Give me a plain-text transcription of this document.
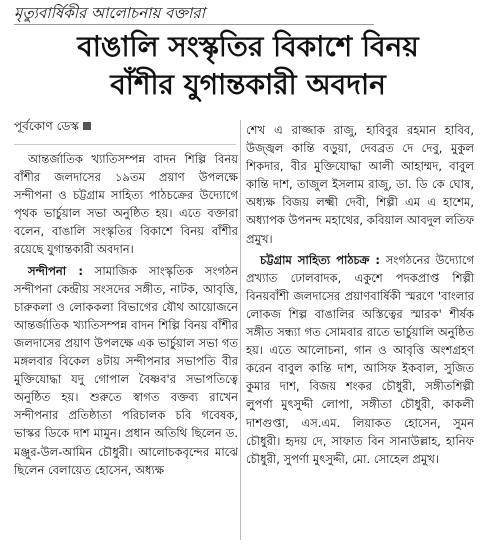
মৃত্যুবার্ষিকীর আলোচনায় বক্তারা
বাঙালি সংস্কৃতির বিকাশে বিনয়
বাঁশীর যুগান্তকারী অবদান
পূর্বকোণ ডেস্ক

আন্তর্জাতিক খ্যাতিসম্পন্ন বাদন শিল্পি বিনয় বাঁশীর জলদাসের ১৯তম প্রয়াণ উপলক্ষে সন্দীপনা ও চট্টগ্রাম সাহিত্য পাঠচক্রের উদ্যোগে পৃথক ভার্চুয়াল সভা অনুষ্ঠিত হয়। এতে বক্তারা বলেন, বাঙালি সংস্কৃতির বিকাশে বিনয় বাঁশীর রয়েছে যুগান্তকারী অবদান।

সন্দীপনা : সামাজিক সাংস্কৃতিক সংগঠন সন্দীপনা কেন্দ্রীয় সংসদের সঙ্গীত, নাটক, আবৃত্তি, চারুকলা ও লোককলা বিভাগের যৌথ আয়োজনে আন্তর্জাতিক খ্যাতিসম্পন্ন বাদন শিল্পি বিনয় বাঁশীর জলদাসের প্রয়াণ উপলক্ষে এক ভার্চুয়াল সভা গত মঙ্গলবার বিকেল ৪টায় সন্দীপনার সভাপতি বীর মুক্তিযোদ্ধা যদু গোপাল বৈষ্ণব'র সভাপতিত্বে অনুষ্ঠিত হয়। শুরুতে স্বাগত বক্তব্য রাখেন সন্দীপনার প্রতিষ্ঠাতা পরিচালক চবি গবেষক, ভাস্কর ডিকে দাশ মামুন। প্রধান অতিথি ছিলেন ড. মঞ্জুর-উল-আমিন চৌধুরী। আলোচকবৃন্দের মাঝে ছিলেন বেলায়েত হোসেন, অধ্যক্ষ

শেখ এ রাজ্জাক রাজু, হাবিবুর রহমান হাবিব, উজ্জ্বল কান্তি বড়ুয়া, দেবব্রত দে দেবু, মুকুল শিকদার, বীর মুক্তিযোদ্ধা আলী আহাম্মদ, বাবুল কান্তি দাশ, তাজুল ইসলাম রাজু, ডা. ডি কে ঘোষ, অধ্যক্ষ বিজয় লক্ষ্মী দেবী, শিল্পী এম এ হাশেম, অধ্যাপক উপনন্দ মহাথের, কবিয়াল আবদুল লতিফ প্রমুখ।

চট্টগ্রাম সাহিত্য পাঠচক্র : সংগঠনের উদ্যোগে প্রখ্যাত ঢোলবাদক, একুশে পদকপ্রাপ্ত শিল্পী বিনয়বাঁশী জলদাসের প্রয়াণবার্ষিকী স্মরণে 'বাংলার লোকজ শিল্প বাঙালির অস্তিত্বের স্মারক' শীর্ষক সঙ্গীত সন্ধ্যা গত সোমবার রাতে ভার্চুয়ালি অনুষ্ঠিত হয়। এতে আলোচনা, গান ও আবৃত্তি অংশগ্রহণ করেন বাবুল কান্তি দাশ, আসিফ ইকবাল, সুজিত কুমার দাশ, বিজয় শংকর চৌধুরী, সঙ্গীতশিল্পী লুপর্ণা মুৎসুদ্দী লোপা, সঙ্গীতা চৌধুরী, কাকলী দাশগুপ্তা, এস.এম. লিয়াকত হোসেন, সুমন চৌধুরী। হৃদয় দে, সাফাত বিন সানাউল্লাহ, হানিফ চৌধুরী, সুপর্ণা মুৎসুদ্দী, মো. সোহেল প্রমুখ।
